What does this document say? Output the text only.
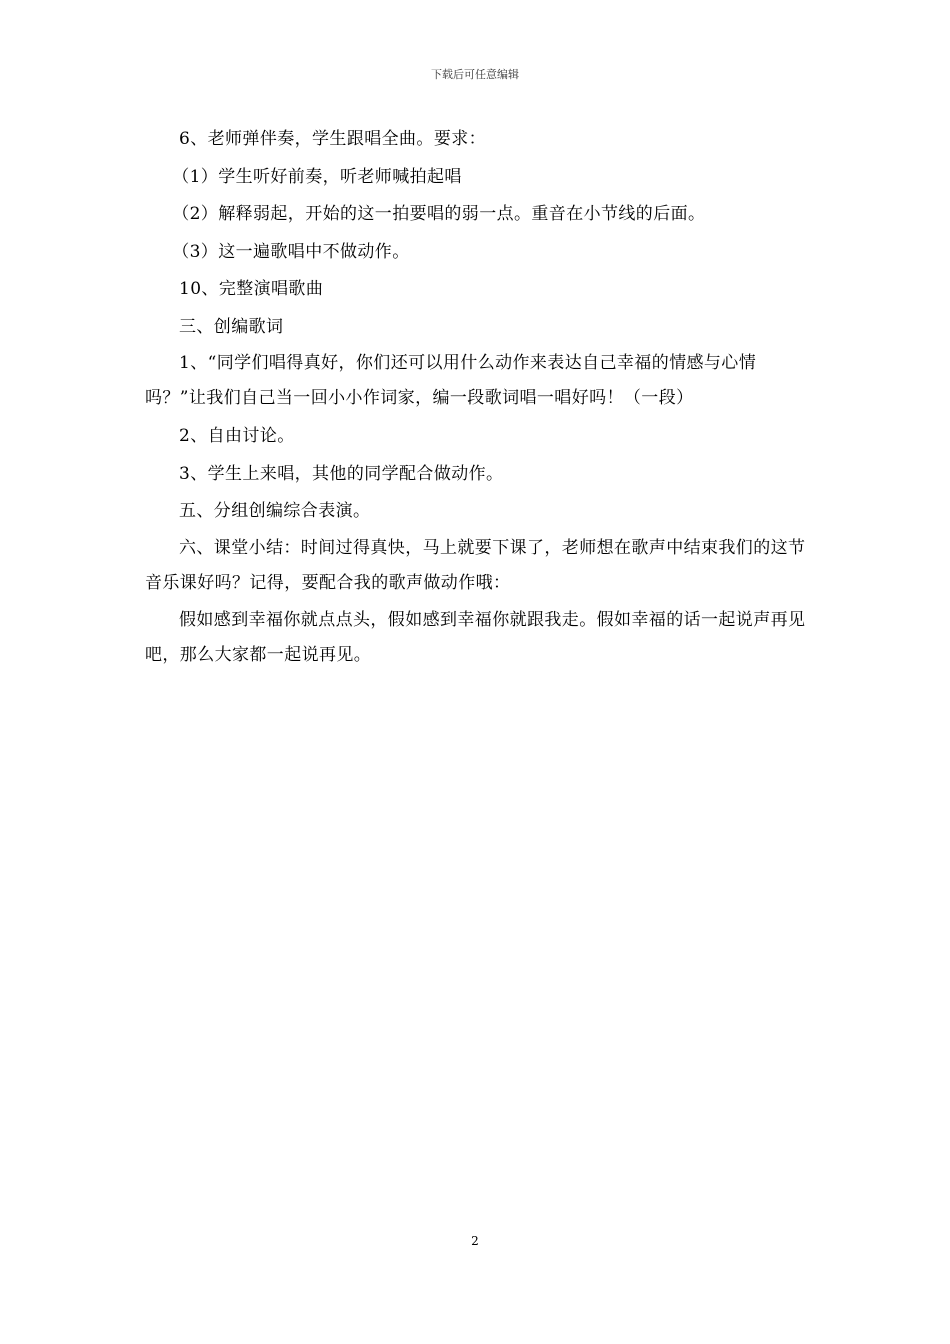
下载后可任意编辑

6、老师弹伴奏，学生跟唱全曲。要求：

（1）学生听好前奏，听老师喊拍起唱

（2）解释弱起，开始的这一拍要唱的弱一点。重音在小节线的后面。

（3）这一遍歌唱中不做动作。

10、完整演唱歌曲

三、创编歌词

1、“同学们唱得真好，你们还可以用什么动作来表达自己幸福的情感与心情吗？”让我们自己当一回小小作词家，编一段歌词唱一唱好吗！（一段）

2、自由讨论。

3、学生上来唱，其他的同学配合做动作。

五、分组创编综合表演。

六、课堂小结：时间过得真快，马上就要下课了，老师想在歌声中结束我们的这节音乐课好吗？记得，要配合我的歌声做动作哦：

假如感到幸福你就点点头，假如感到幸福你就跟我走。假如幸福的话一起说声再见吧，那么大家都一起说再见。

2
